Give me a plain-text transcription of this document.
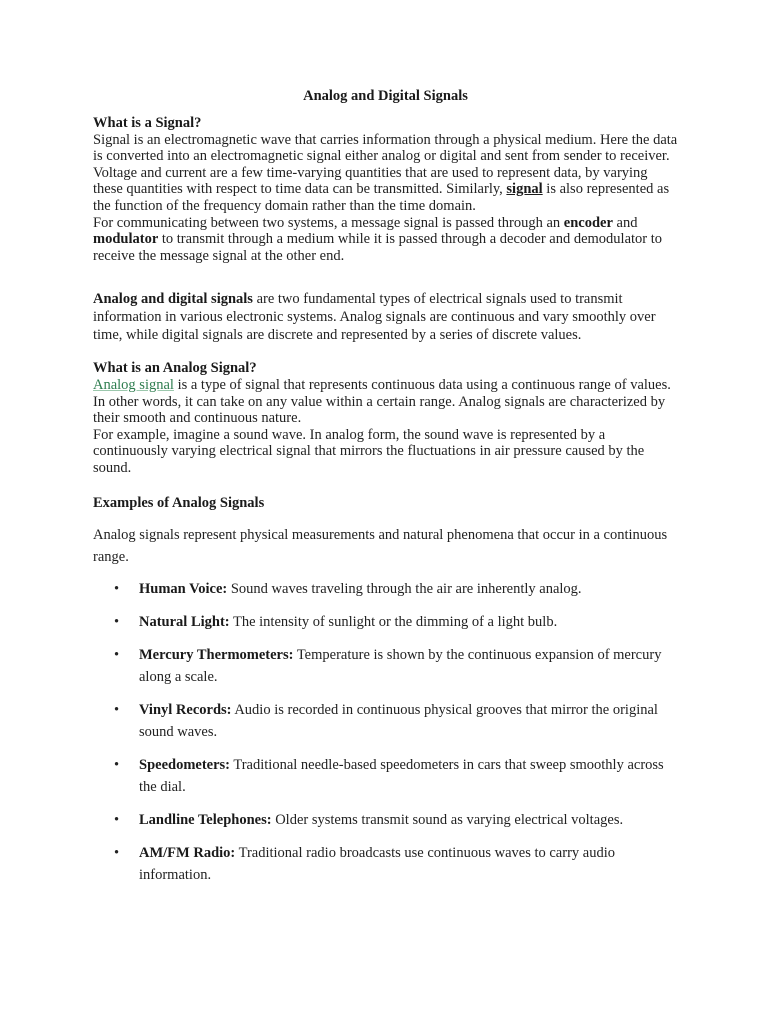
Analog and Digital Signals

What is a Signal?

Signal is an electromagnetic wave that carries information through a physical medium. Here the data is converted into an electromagnetic signal either analog or digital and sent from sender to receiver.

Voltage and current are a few time-varying quantities that are used to represent data, by varying these quantities with respect to time data can be transmitted. Similarly, signal is also represented as the function of the frequency domain rather than the time domain.

For communicating between two systems, a message signal is passed through an encoder and modulator to transmit through a medium while it is passed through a decoder and demodulator to receive the message signal at the other end.

Analog and digital signals are two fundamental types of electrical signals used to transmit information in various electronic systems. Analog signals are continuous and vary smoothly over time, while digital signals are discrete and represented by a series of discrete values.

What is an Analog Signal?

Analog signal is a type of signal that represents continuous data using a continuous range of values. In other words, it can take on any value within a certain range. Analog signals are characterized by their smooth and continuous nature.

For example, imagine a sound wave. In analog form, the sound wave is represented by a continuously varying electrical signal that mirrors the fluctuations in air pressure caused by the sound.

Examples of Analog Signals

Analog signals represent physical measurements and natural phenomena that occur in a continuous range.

• Human Voice: Sound waves traveling through the air are inherently analog.
• Natural Light: The intensity of sunlight or the dimming of a light bulb.
• Mercury Thermometers: Temperature is shown by the continuous expansion of mercury along a scale.
• Vinyl Records: Audio is recorded in continuous physical grooves that mirror the original sound waves.
• Speedometers: Traditional needle-based speedometers in cars that sweep smoothly across the dial.
• Landline Telephones: Older systems transmit sound as varying electrical voltages.
• AM/FM Radio: Traditional radio broadcasts use continuous waves to carry audio information.
